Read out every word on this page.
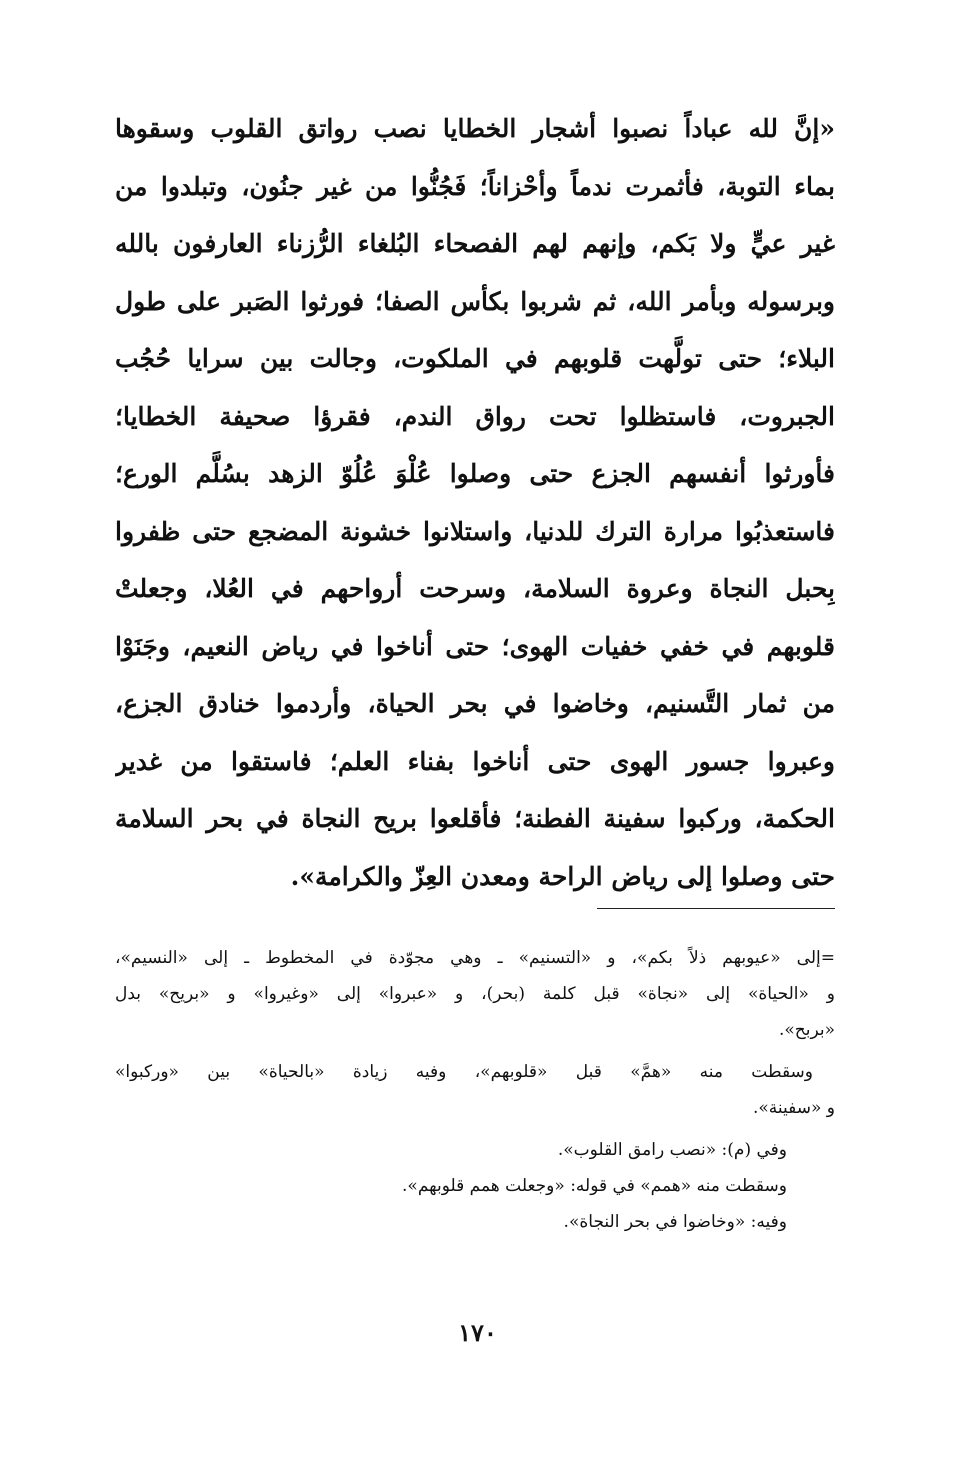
«إنَّ لله عباداً نصبوا أشجار الخطايا نصب رواتق القلوب وسقوها
بماء التوبة، فأثمرت ندماً وأحْزاناً؛ فَجُنُّوا من غير جنُون، وتبلدوا من
غير عيٍّ ولا بَكم، وإنهم لهم الفصحاء البُلغاء الرُّزناء العارفون بالله
وبرسوله وبأمر الله، ثم شربوا بكأس الصفا؛ فورثوا الصَبر على طول
البلاء؛ حتى تولَّهت قلوبهم في الملكوت، وجالت بين سرايا حُجُب
الجبروت، فاستظلوا تحت رواق الندم، فقرؤا صحيفة الخطايا؛
فأورثوا أنفسهم الجزع حتى وصلوا عُلْوَ عُلُوّ الزهد بسُلَّم الورع؛
فاستعذبُوا مرارة الترك للدنيا، واستلانوا خشونة المضجع حتى ظفروا
بِحبل النجاة وعروة السلامة، وسرحت أرواحهم في العُلا، وجعلتْ
قلوبهم في خفي خفيات الهوى؛ حتى أناخوا في رياض النعيم، وجَنَوْا
من ثمار التَّسنيم، وخاضوا في بحر الحياة، وأردموا خنادق الجزع،
وعبروا جسور الهوى حتى أناخوا بفناء العلم؛ فاستقوا من غدير
الحكمة، وركبوا سفينة الفطنة؛ فأقلعوا بريح النجاة في بحر السلامة
حتى وصلوا إلى رياض الراحة ومعدن العِزّ والكرامة».
=إلى «عيوبهم ذلاً بكم»، و «التسنيم» ـ وهي مجوّدة في المخطوط ـ إلى «النسيم»،
و «الحياة» إلى «نجاة» قبل كلمة (بحر)، و «عبروا» إلى «وغيروا» و «بريح» بدل
«بربح».
وسقطت منه «همَّ» قبل «قلوبهم»، وفيه زيادة «بالحياة» بين «وركبوا»
و «سفينة».
وفي (م): «نصب رامق القلوب».
وسقطت منه «همم» في قوله: «وجعلت همم قلوبهم».
وفيه: «وخاضوا في بحر النجاة».
١٧٠
